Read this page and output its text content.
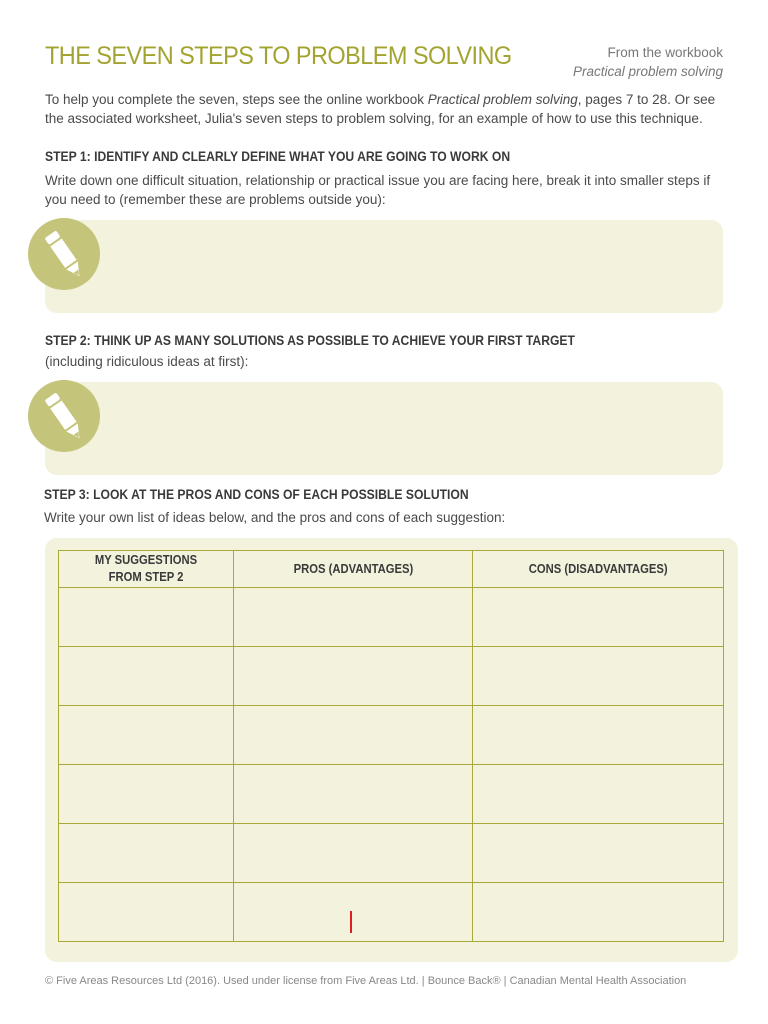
THE SEVEN STEPS TO PROBLEM SOLVING	From the workbook
Practical problem solving
To help you complete the seven, steps see the online workbook Practical problem solving, pages 7 to 28. Or see the associated worksheet, Julia's seven steps to problem solving, for an example of how to use this technique.
STEP 1: IDENTIFY AND CLEARLY DEFINE WHAT YOU ARE GOING TO WORK ON
Write down one difficult situation, relationship or practical issue you are facing here, break it into smaller steps if you need to (remember these are problems outside you):
STEP 2: THINK UP AS MANY SOLUTIONS AS POSSIBLE TO ACHIEVE YOUR FIRST TARGET
(including ridiculous ideas at first):
STEP 3: LOOK AT THE PROS AND CONS OF EACH POSSIBLE SOLUTION
Write your own list of ideas below, and the pros and cons of each suggestion:
MY SUGGESTIONS FROM STEP 2	PROS (ADVANTAGES)	CONS (DISADVANTAGES)

© Five Areas Resources Ltd (2016). Used under license from Five Areas Ltd. | Bounce Back® | Canadian Mental Health Association
